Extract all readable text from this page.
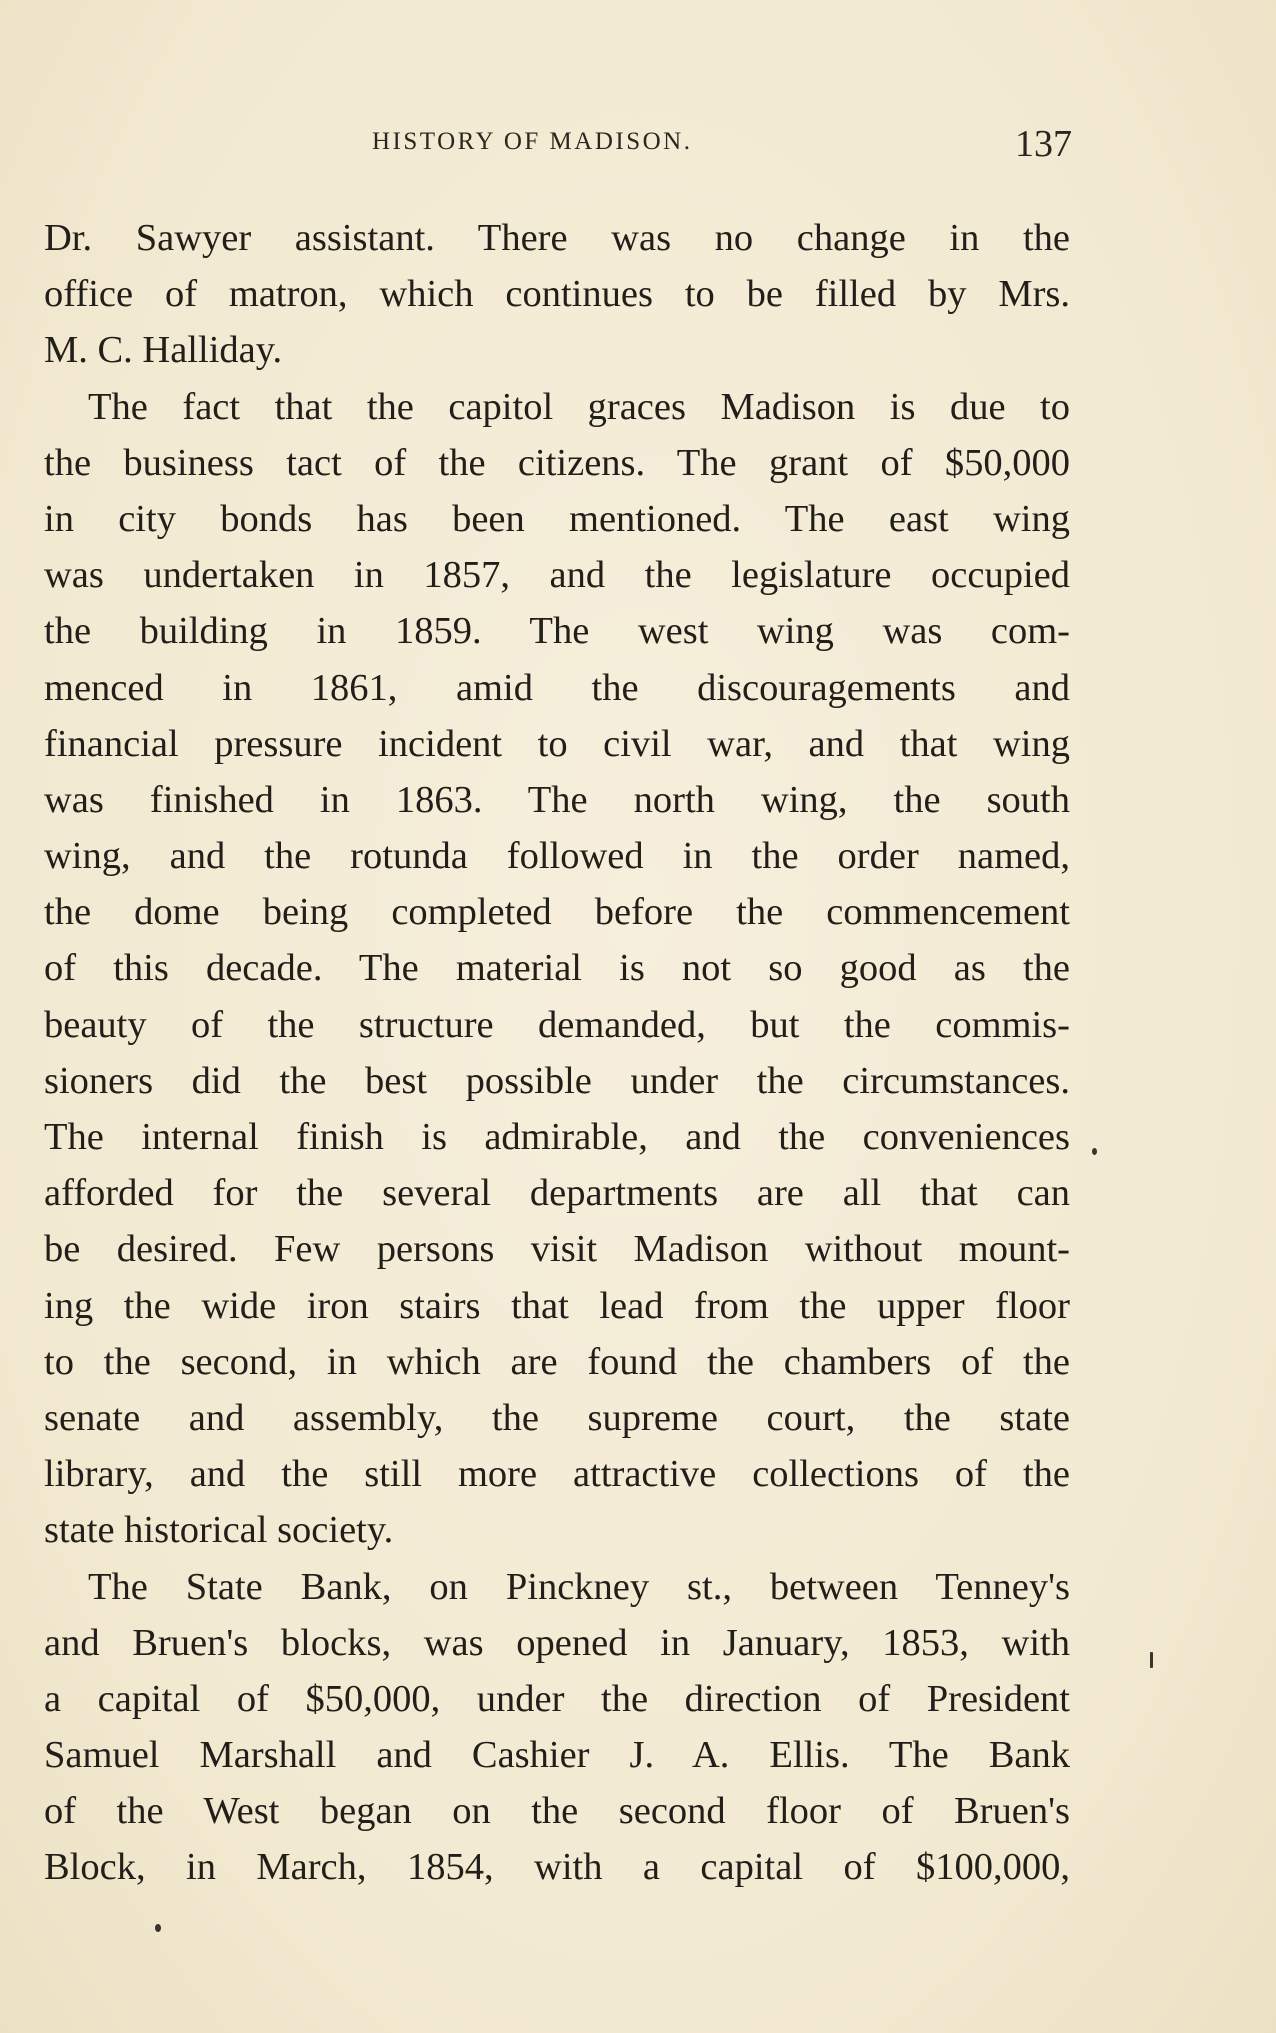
HISTORY OF MADISON.	137
Dr. Sawyer assistant. There was no change in the
office of matron, which continues to be filled by Mrs.
M. C. Halliday.
The fact that the capitol graces Madison is due to
the business tact of the citizens. The grant of $50,000
in city bonds has been mentioned. The east wing
was undertaken in 1857, and the legislature occupied
the building in 1859. The west wing was com-
menced in 1861, amid the discouragements and
financial pressure incident to civil war, and that wing
was finished in 1863. The north wing, the south
wing, and the rotunda followed in the order named,
the dome being completed before the commencement
of this decade. The material is not so good as the
beauty of the structure demanded, but the commis-
sioners did the best possible under the circumstances.
The internal finish is admirable, and the conveniences
afforded for the several departments are all that can
be desired. Few persons visit Madison without mount-
ing the wide iron stairs that lead from the upper floor
to the second, in which are found the chambers of the
senate and assembly, the supreme court, the state
library, and the still more attractive collections of the
state historical society.
The State Bank, on Pinckney st., between Tenney's
and Bruen's blocks, was opened in January, 1853, with
a capital of $50,000, under the direction of President
Samuel Marshall and Cashier J. A. Ellis. The Bank
of the West began on the second floor of Bruen's
Block, in March, 1854, with a capital of $100,000,
